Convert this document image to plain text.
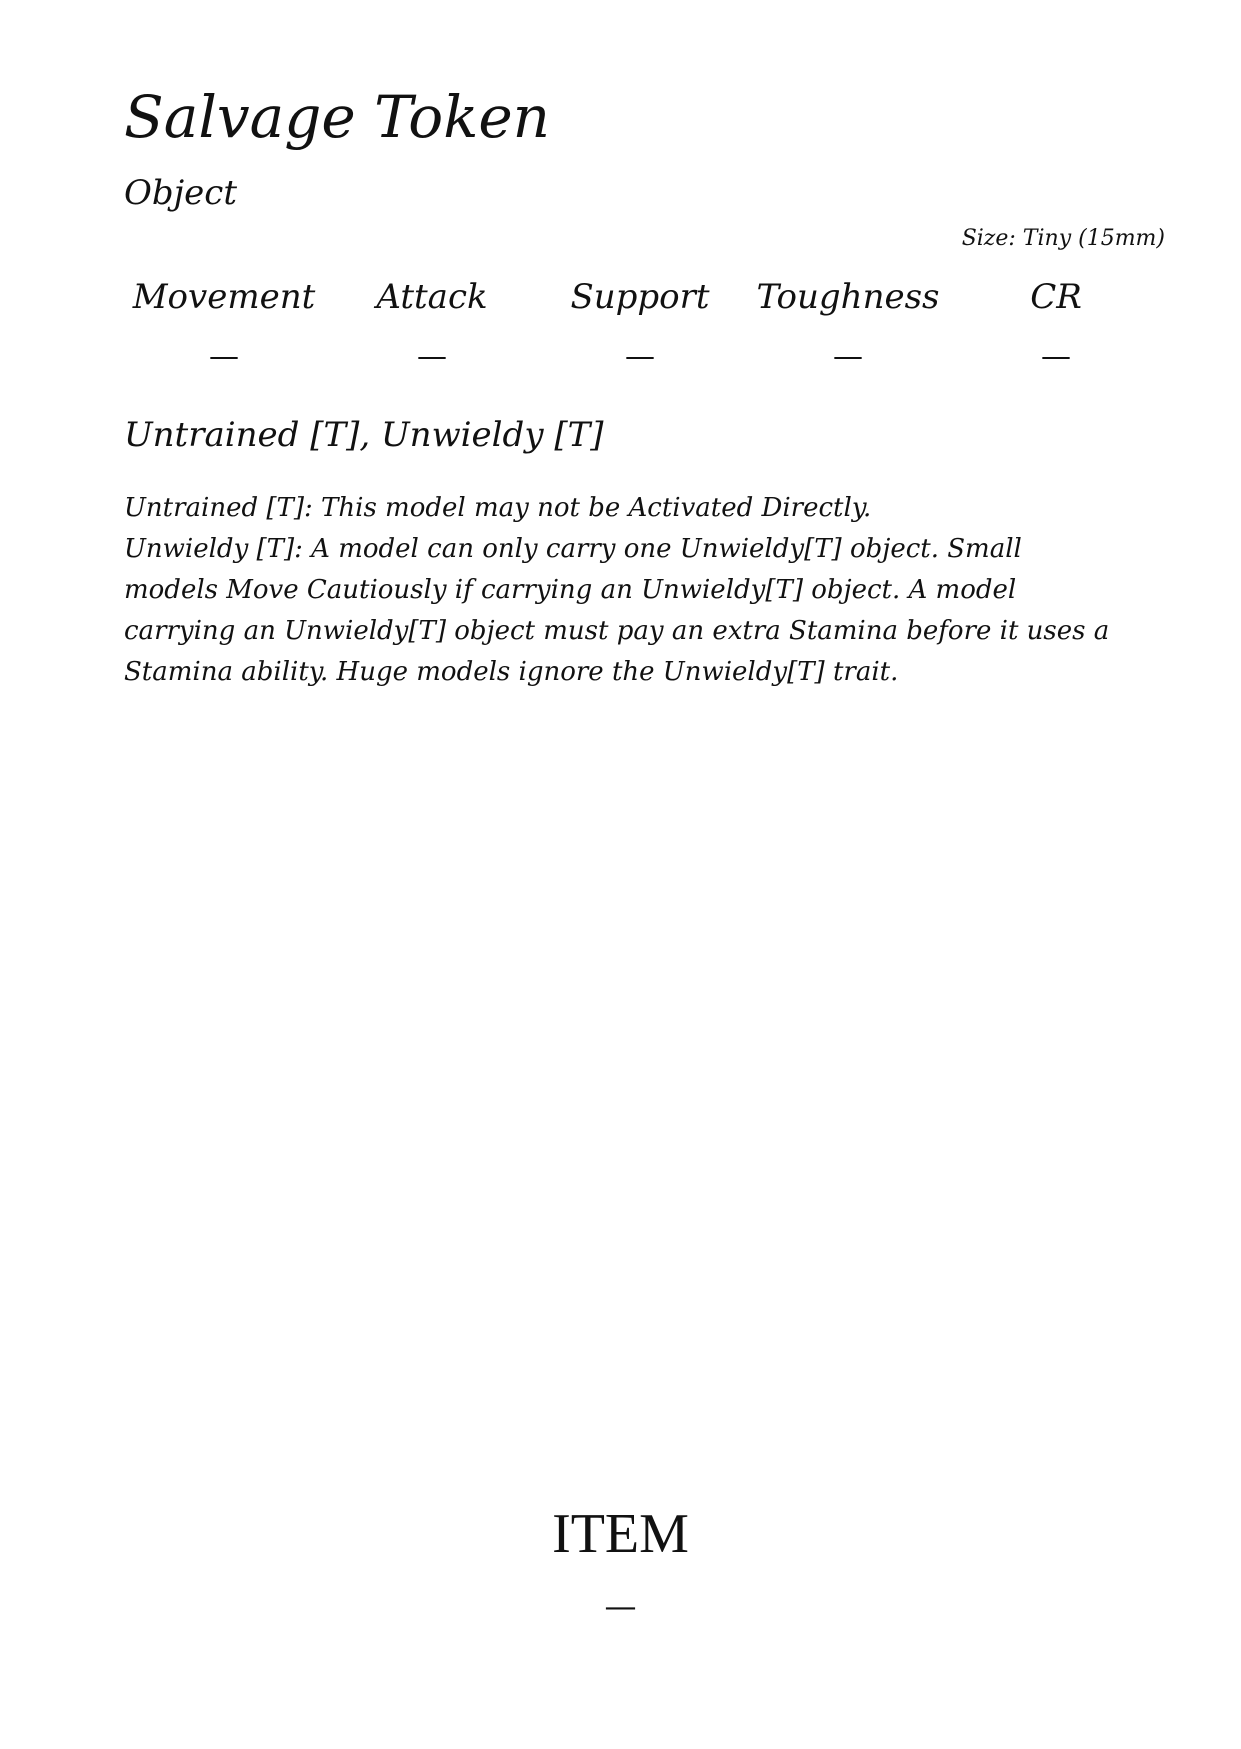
Salvage Token
Object
Size: Tiny (15mm)
Movement
—
Attack
—
Support
—
Toughness
—
CR
—
Untrained [T], Unwieldy [T]
Untrained [T]: This model may not be Activated Directly.
Unwieldy [T]: A model can only carry one Unwieldy[T] object. Small models Move Cautiously if carrying an Unwieldy[T] object. A model carrying an Unwieldy[T] object must pay an extra Stamina before it uses a Stamina ability. Huge models ignore the Unwieldy[T] trait.
ITEM
—
